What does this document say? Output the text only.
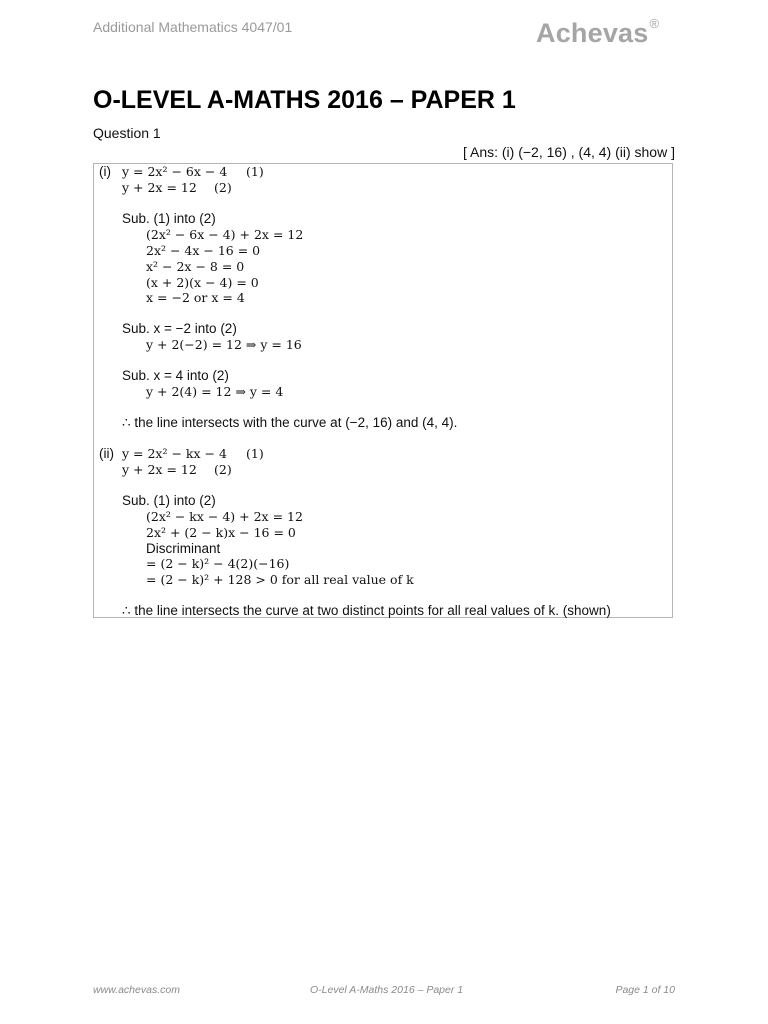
Additional Mathematics 4047/01	Achevas®
O-LEVEL A-MATHS 2016 – PAPER 1
Question 1
[ Ans: (i) (−2, 16) , (4, 4) (ii) show ]
(i) y = 2x² − 6x − 4 (1)
y + 2x = 12 (2)
Sub. (1) into (2)
(2x² − 6x − 4) + 2x = 12
2x² − 4x − 16 = 0
x² − 2x − 8 = 0
(x + 2)(x − 4) = 0
x = −2 or x = 4
Sub. x = −2 into (2)
y + 2(−2) = 12 ⇒ y = 16
Sub. x = 4 into (2)
y + 2(4) = 12 ⇒ y = 4
∴ the line intersects with the curve at (−2, 16) and (4, 4).
(ii) y = 2x² − kx − 4 (1)
y + 2x = 12 (2)
Sub. (1) into (2)
(2x² − kx − 4) + 2x = 12
2x² + (2 − k)x − 16 = 0
Discriminant
= (2 − k)² − 4(2)(−16)
= (2 − k)² + 128 > 0 for all real value of k
∴ the line intersects the curve at two distinct points for all real values of k. (shown)
www.achevas.com	O-Level A-Maths 2016 – Paper 1	Page 1 of 10
